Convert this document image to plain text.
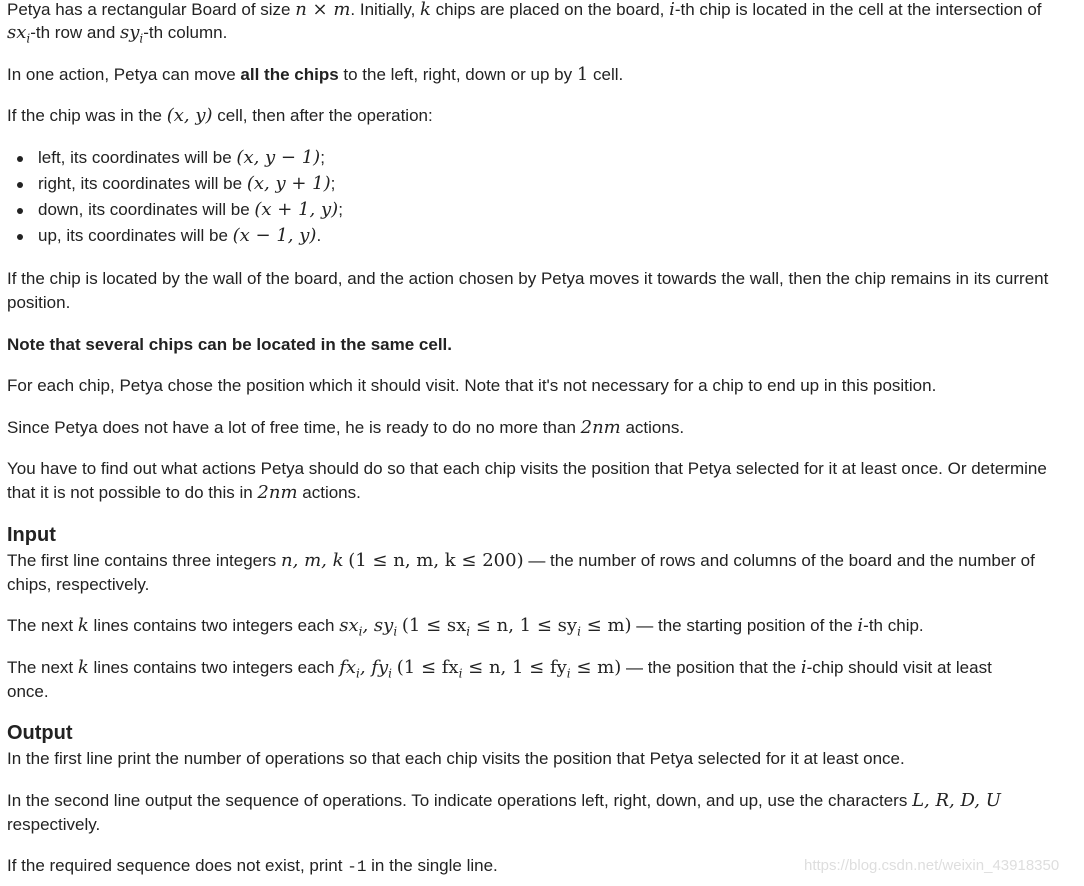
Petya has a rectangular Board of size n × m. Initially, k chips are placed on the board, i-th chip is located in the cell at the intersection of
$sx_i-th$ row and $sy_i-th$ column.
In one action, Petya can move all the chips to the left, right, down or up by 1 cell.
If the chip was in the (x, y) cell, then after the operation:
left, its coordinates will be (x, y − 1);
right, its coordinates will be (x, y + 1);
down, its coordinates will be (x + 1, y);
up, its coordinates will be (x − 1, y).
If the chip is located by the wall of the board, and the action chosen by Petya moves it towards the wall, then the chip remains in its current
position.
Note that several chips can be located in the same cell.
For each chip, Petya chose the position which it should visit. Note that it's not necessary for a chip to end up in this position.
Since Petya does not have a lot of free time, he is ready to do no more than 2nm actions.
You have to find out what actions Petya should do so that each chip visits the position that Petya selected for it at least once. Or determine
that it is not possible to do this in 2nm actions.
Input
The first line contains three integers n, m, k (1 ≤ n, m, k ≤ 200) — the number of rows and columns of the board and the number of
chips, respectively.
The next k lines contains two integers each $sx_i$, $sy_i$ ($1 \le sx_i \le n$, $1 \le sy_i \le m$) — the starting position of the i-th chip.
The next k lines contains two integers each $fx_i$, $fy_i$ ($1 \le fx_i \le n$, $1 \le fy_i \le m$) — the position that the i-chip should visit at least
once.
Output
In the first line print the number of operations so that each chip visits the position that Petya selected for it at least once.
In the second line output the sequence of operations. To indicate operations left, right, down, and up, use the characters L, R, D, U
respectively.
If the required sequence does not exist, print -1 in the single line.	https://blog.csdn.net/weixin_43918350
